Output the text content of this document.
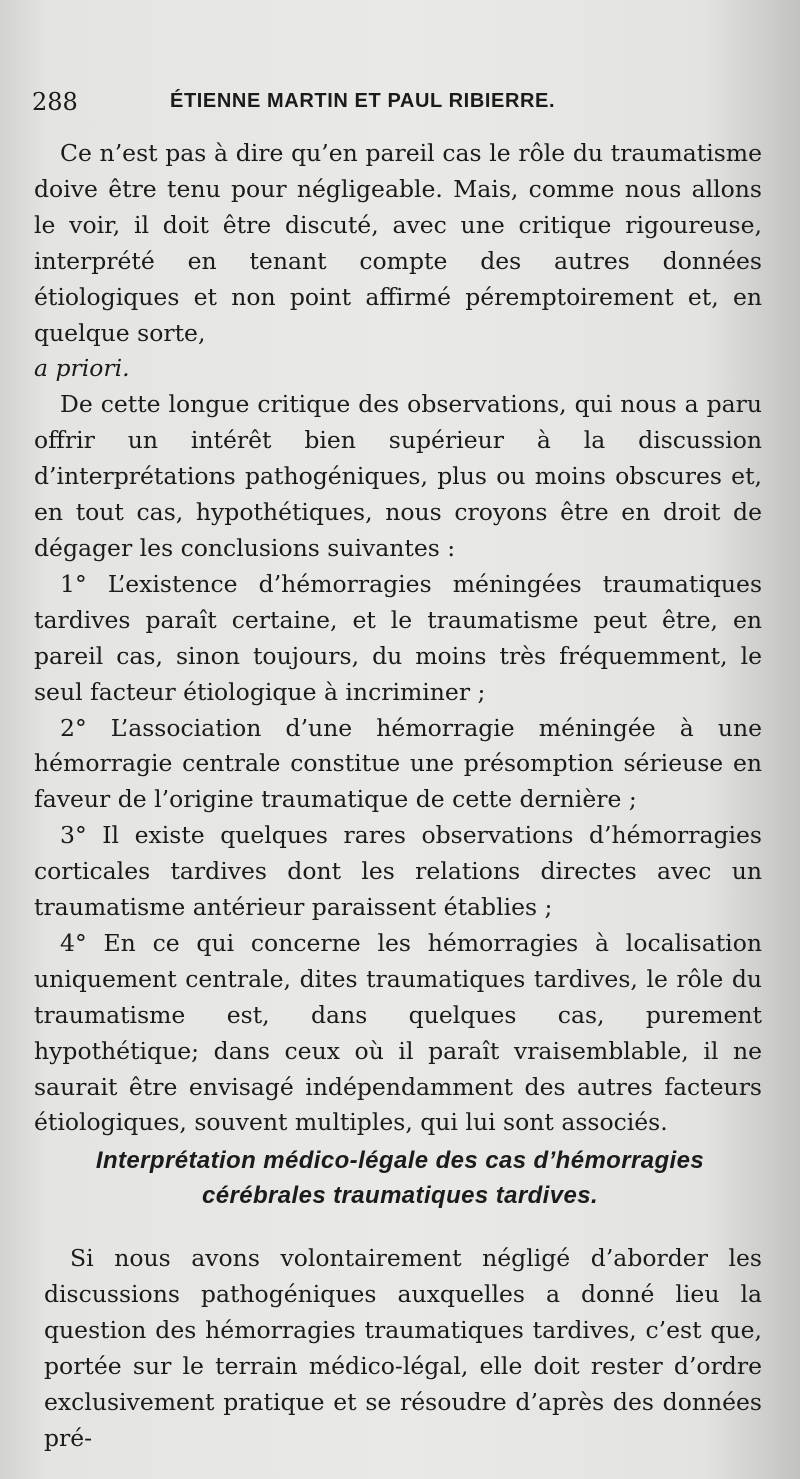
288	ÉTIENNE MARTIN ET PAUL RIBIERRE.

Ce n’est pas à dire qu’en pareil cas le rôle du traumatisme doive être tenu pour négligeable. Mais, comme nous allons le voir, il doit être discuté, avec une critique rigoureuse, interprété en tenant compte des autres données étiologiques et non point affirmé péremptoirement et, en quelque sorte,

a priori.

De cette longue critique des observations, qui nous a paru offrir un intérêt bien supérieur à la discussion d’interprétations pathogéniques, plus ou moins obscures et, en tout cas, hypothétiques, nous croyons être en droit de dégager les conclusions suivantes :

1° L’existence d’hémorragies méningées traumatiques tardives paraît certaine, et le traumatisme peut être, en pareil cas, sinon toujours, du moins très fréquemment, le seul facteur étiologique à incriminer ;

2° L’association d’une hémorragie méningée à une hémorragie centrale constitue une présomption sérieuse en faveur de l’origine traumatique de cette dernière ;

3° Il existe quelques rares observations d’hémorragies corticales tardives dont les relations directes avec un traumatisme antérieur paraissent établies ;

4° En ce qui concerne les hémorragies à localisation uniquement centrale, dites traumatiques tardives, le rôle du traumatisme est, dans quelques cas, purement hypothétique; dans ceux où il paraît vraisemblable, il ne saurait être envisagé indépendamment des autres facteurs étiologiques, souvent multiples, qui lui sont associés.

Interprétation médico-légale des cas d’hémorragies
cérébrales traumatiques tardives.

Si nous avons volontairement négligé d’aborder les discussions pathogéniques auxquelles a donné lieu la question des hémorragies traumatiques tardives, c’est que, portée sur le terrain médico-légal, elle doit rester d’ordre exclusivement pratique et se résoudre d’après des données pré-
